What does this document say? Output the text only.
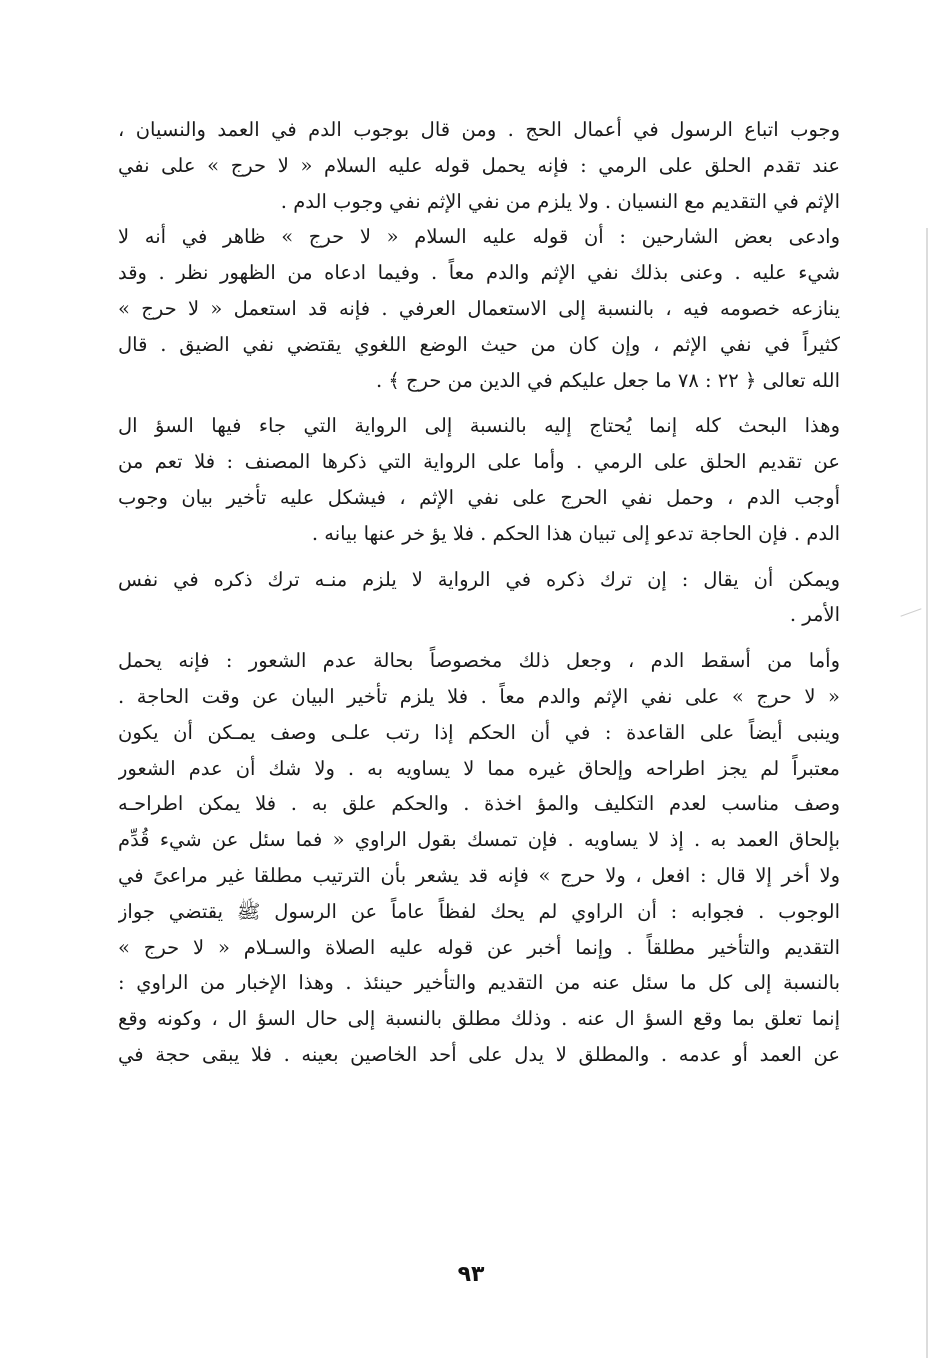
وجوب اتباع الرسول في أعمال الحج . ومن قال بوجوب الدم في العمد والنسيان ،
عند تقدم الحلق على الرمي : فإنه يحمل قوله عليه السلام « لا حرج » على نفي
الإثم في التقديم مع النسيان . ولا يلزم من نفي الإثم نفي وجوب الدم .
وادعى بعض الشارحين : أن قوله عليه السلام « لا حرج » ظاهر في أنه لا
شيء عليه . وعنى بذلك نفي الإثم والدم معاً . وفيما ادعاه من الظهور نظر . وقد
ينازعه خصومه فيه ، بالنسبة إلى الاستعمال العرفي . فإنه قد استعمل « لا حرج »
كثيراً في نفي الإثم ، وإن كان من حيث الوضع اللغوي يقتضي نفي الضيق . قال
الله تعالى ﴿ ٢٢ : ٧٨ ما جعل عليكم في الدين من حرج ﴾ .
وهذا البحث كله إنما يُحتاج إليه بالنسبة إلى الرواية التي جاء فيها السؤ ال
عن تقديم الحلق على الرمي . وأما على الرواية التي ذكرها المصنف : فلا تعم من
أوجب الدم ، وحمل نفي الحرج على نفي الإثم ، فيشكل عليه تأخير بيان وجوب
الدم . فإن الحاجة تدعو إلى تبيان هذا الحكم . فلا يؤ خر عنها بيانه .
ويمكن أن يقال : إن ترك ذكره في الرواية لا يلزم منـه ترك ذكره في نفس
الأمر .
وأما من أسقط الدم ، وجعل ذلك مخصوصاً بحالة عدم الشعور : فإنه يحمل
« لا حرج » على نفي الإثم والدم معاً . فلا يلزم تأخير البيان عن وقت الحاجة .
وينبى أيضاً على القاعدة : في أن الحكم إذا رتب علـى وصف يمـكن أن يكون
معتبراً لم يجز اطراحه وإلحاق غيره مما لا يساويه به . ولا شك أن عدم الشعور
وصف مناسب لعدم التكليف والمؤ اخذة . والحكم علق به . فلا يمكن اطراحـه
بإلحاق العمد به . إذ لا يساويه . فإن تمسك بقول الراوي « فما سئل عن شيء قُدِّم
ولا أخر إلا قال : افعل ، ولا حرج » فإنه قد يشعر بأن الترتيب مطلقا غير مراعىً في
الوجوب . فجوابه : أن الراوي لم يحك لفظاً عاماً عن الرسول ﷺ يقتضي جواز
التقديم والتأخير مطلقاً . وإنما أخبر عن قوله عليه الصلاة والسـلام « لا حرج »
بالنسبة إلى كل ما سئل عنه من التقديم والتأخير حينئذ . وهذا الإخبار من الراوي :
إنما تعلق بما وقع السؤ ال عنه . وذلك مطلق بالنسبة إلى حال السؤ ال ، وكونه وقع
عن العمد أو عدمه . والمطلق لا يدل على أحد الخاصين بعينه . فلا يبقى حجة في
٩٣
